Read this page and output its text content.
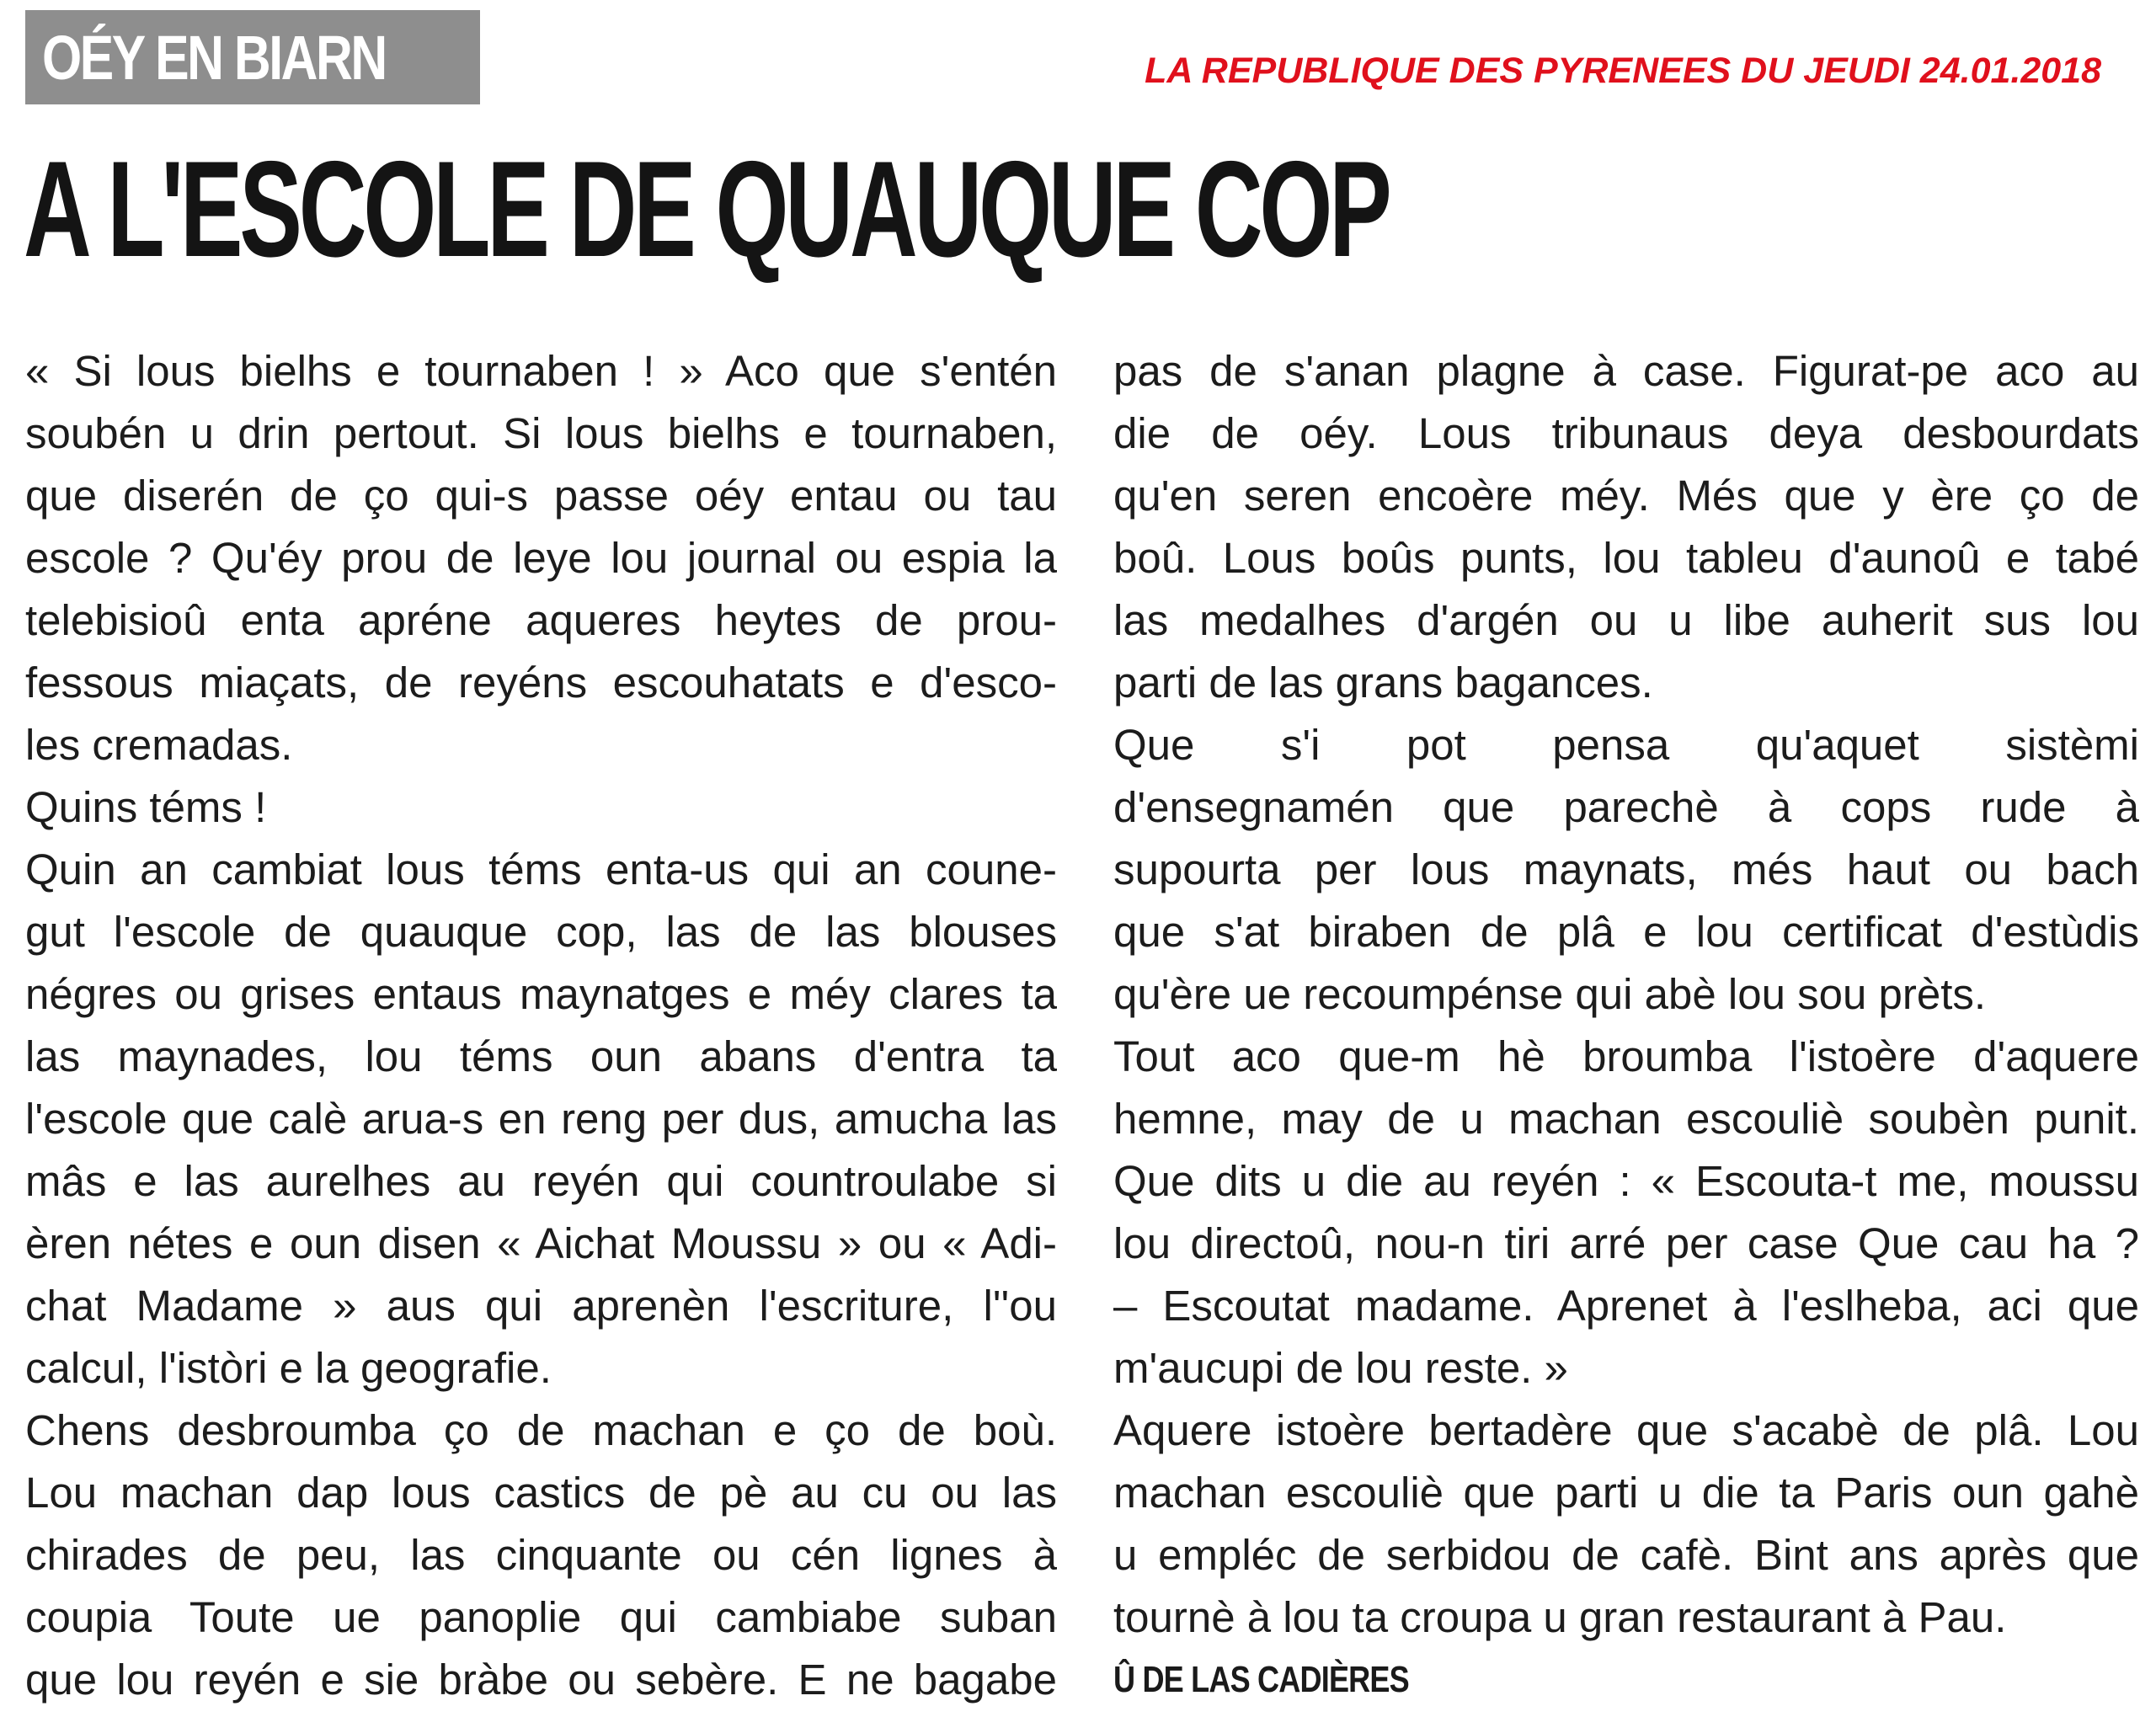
OÉY EN BIARN	LA REPUBLIQUE DES PYRENEES DU JEUDI 24.01.2018
A L'ESCOLE DE QUAUQUE COP
« Si lous bielhs e tournaben ! » Aco que s'entén
soubén u drin pertout. Si lous bielhs e tournaben,
que diserén de ço qui-s passe oéy entau ou tau
escole ? Qu'éy prou de leye lou journal ou espia la
telebisioû enta apréne aqueres heytes de prou-
fessous miaçats, de reyéns escouhatats e d'esco-
les cremadas.
Quins téms !
Quin an cambiat lous téms enta-us qui an coune-
gut l'escole de quauque cop, las de las blouses
négres ou grises entaus maynatges e méy clares ta
las maynades, lou téms oun abans d'entra ta
l'escole que calè arua-s en reng per dus, amucha las
mâs e las aurelhes au reyén qui countroulabe si
èren nétes e oun disen « Aichat Moussu » ou « Adi-
chat Madame » aus qui aprenèn l'escriture, l''ou
calcul, l'istòri e la geografie.
Chens desbroumba ço de machan e ço de boù.
Lou machan dap lous castics de pè au cu ou las
chirades de peu, las cinquante ou cén lignes à
coupia Toute ue panoplie qui cambiabe suban
que lou reyén e sie bràbe ou sebère. E ne bagabe
pas de s'anan plagne à case. Figurat-pe aco au
die de oéy. Lous tribunaus deya desbourdats
qu'en seren encoère méy. Més que y ère ço de
boû. Lous boûs punts, lou tableu d'aunoû e tabé
las medalhes d'argén ou u libe auherit sus lou
parti de las grans bagances.
Que s'i pot pensa qu'aquet sistèmi
d'ensegnamén que parechè à cops rude à
supourta per lous maynats, més haut ou bach
que s'at biraben de plâ e lou certificat d'estùdis
qu'ère ue recoumpénse qui abè lou sou prèts.
Tout aco que-m hè broumba l'istoère d'aquere
hemne, may de u machan escouliè soubèn punit.
Que dits u die au reyén : « Escouta-t me, moussu
lou directoû, nou-n tiri arré per case Que cau ha ?
– Escoutat madame. Aprenet à l'eslheba, aci que
m'aucupi de lou reste. »
Aquere istoère bertadère que s'acabè de plâ. Lou
machan escouliè que parti u die ta Paris oun gahè
u empléc de serbidou de cafè. Bint ans après que
tournè à lou ta croupa u gran restaurant à Pau.
Û DE LAS CADIÈRES
